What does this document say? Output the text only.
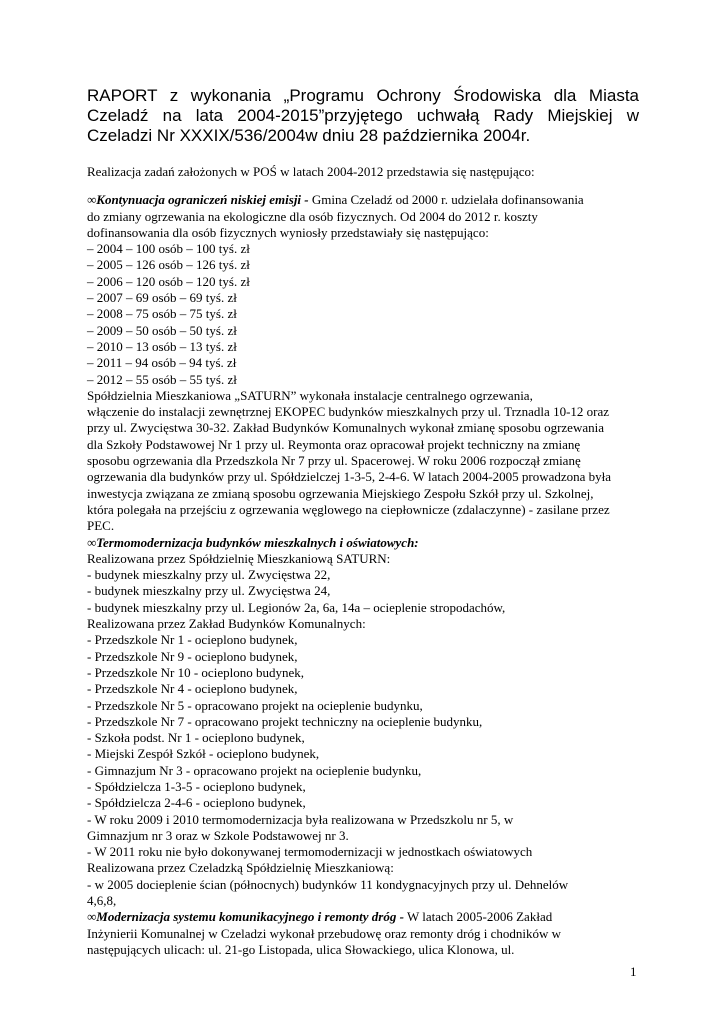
RAPORT z wykonania „Programu Ochrony Środowiska dla Miasta
Czeladź na lata 2004-2015”przyjętego uchwałą Rady Miejskiej w
Czeladzi Nr XXXIX/536/2004w dniu 28 października 2004r.
Realizacja zadań założonych w POŚ w latach 2004-2012 przedstawia się następująco:
∞Kontynuacja ograniczeń niskiej emisji - Gmina Czeladź od 2000 r. udzielała dofinansowania
do zmiany ogrzewania na ekologiczne dla osób fizycznych. Od 2004 do 2012 r. koszty
dofinansowania dla osób fizycznych wyniosły przedstawiały się następująco:
– 2004 – 100 osób – 100 tyś. zł
– 2005 – 126 osób – 126 tyś. zł
– 2006 – 120 osób – 120 tyś. zł
– 2007 – 69 osób – 69 tyś. zł
– 2008 – 75 osób – 75 tyś. zł
– 2009 – 50 osób – 50 tyś. zł
– 2010 – 13 osób – 13 tyś. zł
– 2011 – 94 osób – 94 tyś. zł
– 2012 – 55 osób – 55 tyś. zł
Spółdzielnia Mieszkaniowa „SATURN” wykonała instalacje centralnego ogrzewania,
włączenie do instalacji zewnętrznej EKOPEC budynków mieszkalnych przy ul. Trznadla 10-12 oraz
przy ul. Zwycięstwa 30-32. Zakład Budynków Komunalnych wykonał zmianę sposobu ogrzewania
dla Szkoły Podstawowej Nr 1 przy ul. Reymonta oraz opracował projekt techniczny na zmianę
sposobu ogrzewania dla Przedszkola Nr 7 przy ul. Spacerowej. W roku 2006 rozpoczął zmianę
ogrzewania dla budynków przy ul. Spółdzielczej 1-3-5, 2-4-6. W latach 2004-2005 prowadzona była
inwestycja związana ze zmianą sposobu ogrzewania Miejskiego Zespołu Szkół przy ul. Szkolnej,
która polegała na przejściu z ogrzewania węglowego na ciepłownicze (zdalaczynne) - zasilane przez
PEC.
∞Termomodernizacja budynków mieszkalnych i oświatowych:
Realizowana przez Spółdzielnię Mieszkaniową SATURN:
- budynek mieszkalny przy ul. Zwycięstwa 22,
- budynek mieszkalny przy ul. Zwycięstwa 24,
- budynek mieszkalny przy ul. Legionów 2a, 6a, 14a – ocieplenie stropodachów,
Realizowana przez Zakład Budynków Komunalnych:
- Przedszkole Nr 1 - ocieplono budynek,
- Przedszkole Nr 9 - ocieplono budynek,
- Przedszkole Nr 10 - ocieplono budynek,
- Przedszkole Nr 4 - ocieplono budynek,
- Przedszkole Nr 5 - opracowano projekt na ocieplenie budynku,
- Przedszkole Nr 7 - opracowano projekt techniczny na ocieplenie budynku,
- Szkoła podst. Nr 1 - ocieplono budynek,
- Miejski Zespół Szkół - ocieplono budynek,
- Gimnazjum Nr 3 - opracowano projekt na ocieplenie budynku,
- Spółdzielcza 1-3-5 - ocieplono budynek,
- Spółdzielcza 2-4-6 - ocieplono budynek,
- W roku 2009 i 2010 termomodernizacja była realizowana w Przedszkolu nr 5, w
Gimnazjum nr 3 oraz w Szkole Podstawowej nr 3.
- W 2011 roku nie było dokonywanej termomodernizacji w jednostkach oświatowych
Realizowana przez Czeladzką Spółdzielnię Mieszkaniową:
- w 2005 docieplenie ścian (północnych) budynków 11 kondygnacyjnych przy ul. Dehnelów
4,6,8,
∞Modernizacja systemu komunikacyjnego i remonty dróg - W latach 2005-2006 Zakład
Inżynierii Komunalnej w Czeladzi wykonał przebudowę oraz remonty dróg i chodników w
następujących ulicach: ul. 21-go Listopada, ulica Słowackiego, ulica Klonowa, ul.
1
